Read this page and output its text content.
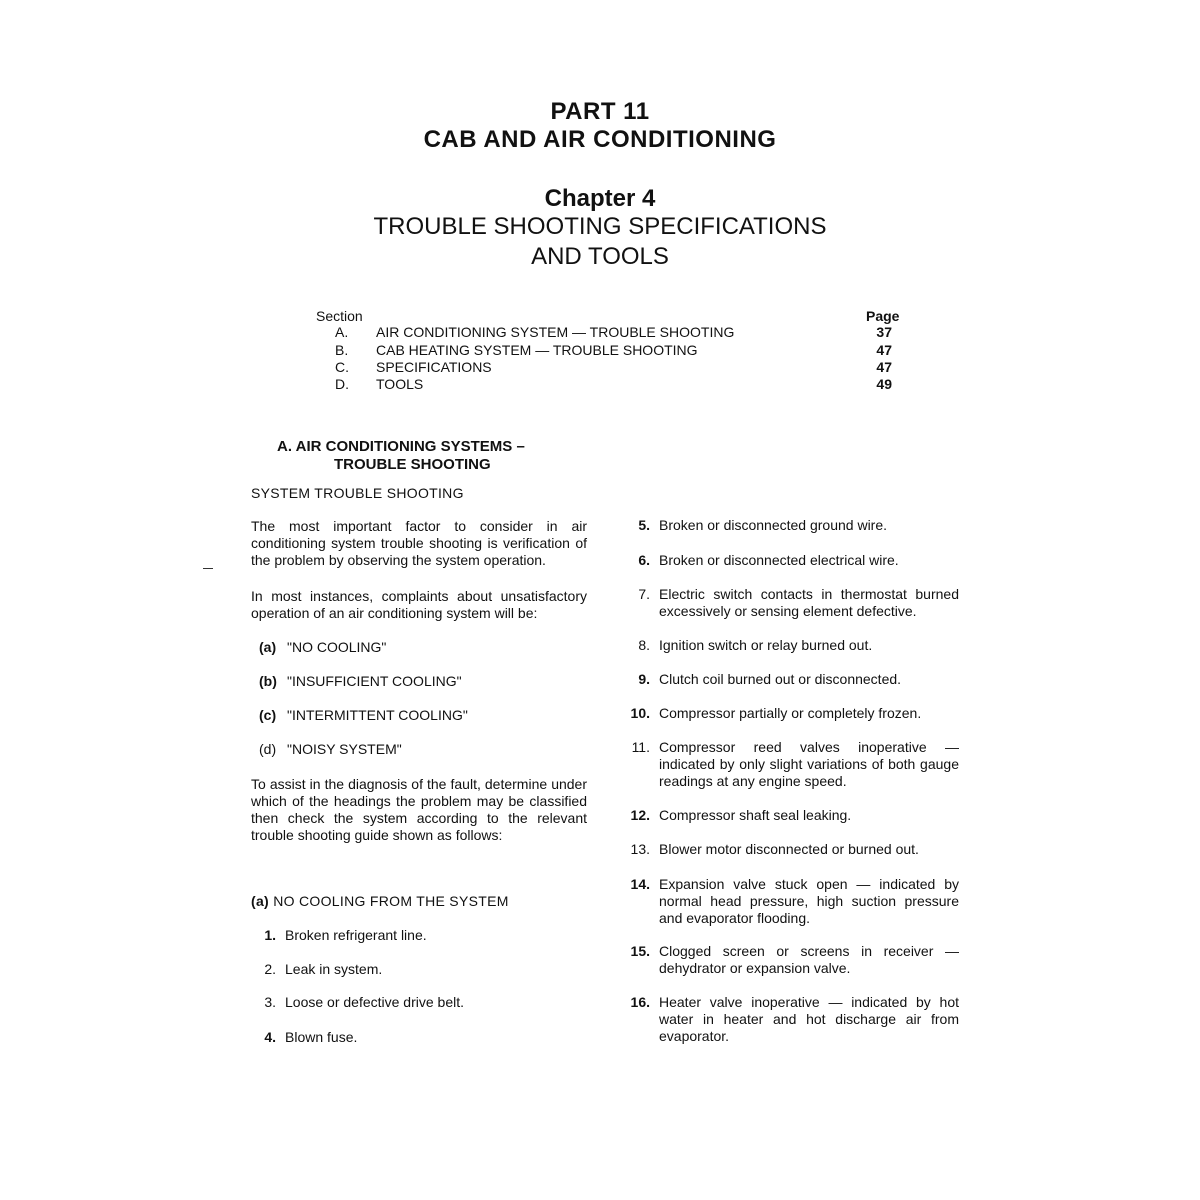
PART 11
CAB AND AIR CONDITIONING
Chapter 4
TROUBLE SHOOTING SPECIFICATIONS
AND TOOLS
Section	Page
A. AIR CONDITIONING SYSTEM — TROUBLE SHOOTING	37
B. CAB HEATING SYSTEM — TROUBLE SHOOTING	47
C. SPECIFICATIONS	47
D. TOOLS	49
A. AIR CONDITIONING SYSTEMS –
TROUBLE SHOOTING
SYSTEM TROUBLE SHOOTING
The most important factor to consider in air conditioning system trouble shooting is verification of the problem by observing the system operation.
In most instances, complaints about unsatisfactory operation of an air conditioning system will be:
(a) "NO COOLING"
(b) "INSUFFICIENT COOLING"
(c) "INTERMITTENT COOLING"
(d) "NOISY SYSTEM"
To assist in the diagnosis of the fault, determine under which of the headings the problem may be classified then check the system according to the relevant trouble shooting guide shown as follows:
(a) NO COOLING FROM THE SYSTEM
1. Broken refrigerant line.
2. Leak in system.
3. Loose or defective drive belt.
4. Blown fuse.
5. Broken or disconnected ground wire.
6. Broken or disconnected electrical wire.
7. Electric switch contacts in thermostat burned excessively or sensing element defective.
8. Ignition switch or relay burned out.
9. Clutch coil burned out or disconnected.
10. Compressor partially or completely frozen.
11. Compressor reed valves inoperative — indicated by only slight variations of both gauge readings at any engine speed.
12. Compressor shaft seal leaking.
13. Blower motor disconnected or burned out.
14. Expansion valve stuck open — indicated by normal head pressure, high suction pressure and evaporator flooding.
15. Clogged screen or screens in receiver — dehydrator or expansion valve.
16. Heater valve inoperative — indicated by hot water in heater and hot discharge air from evaporator.
